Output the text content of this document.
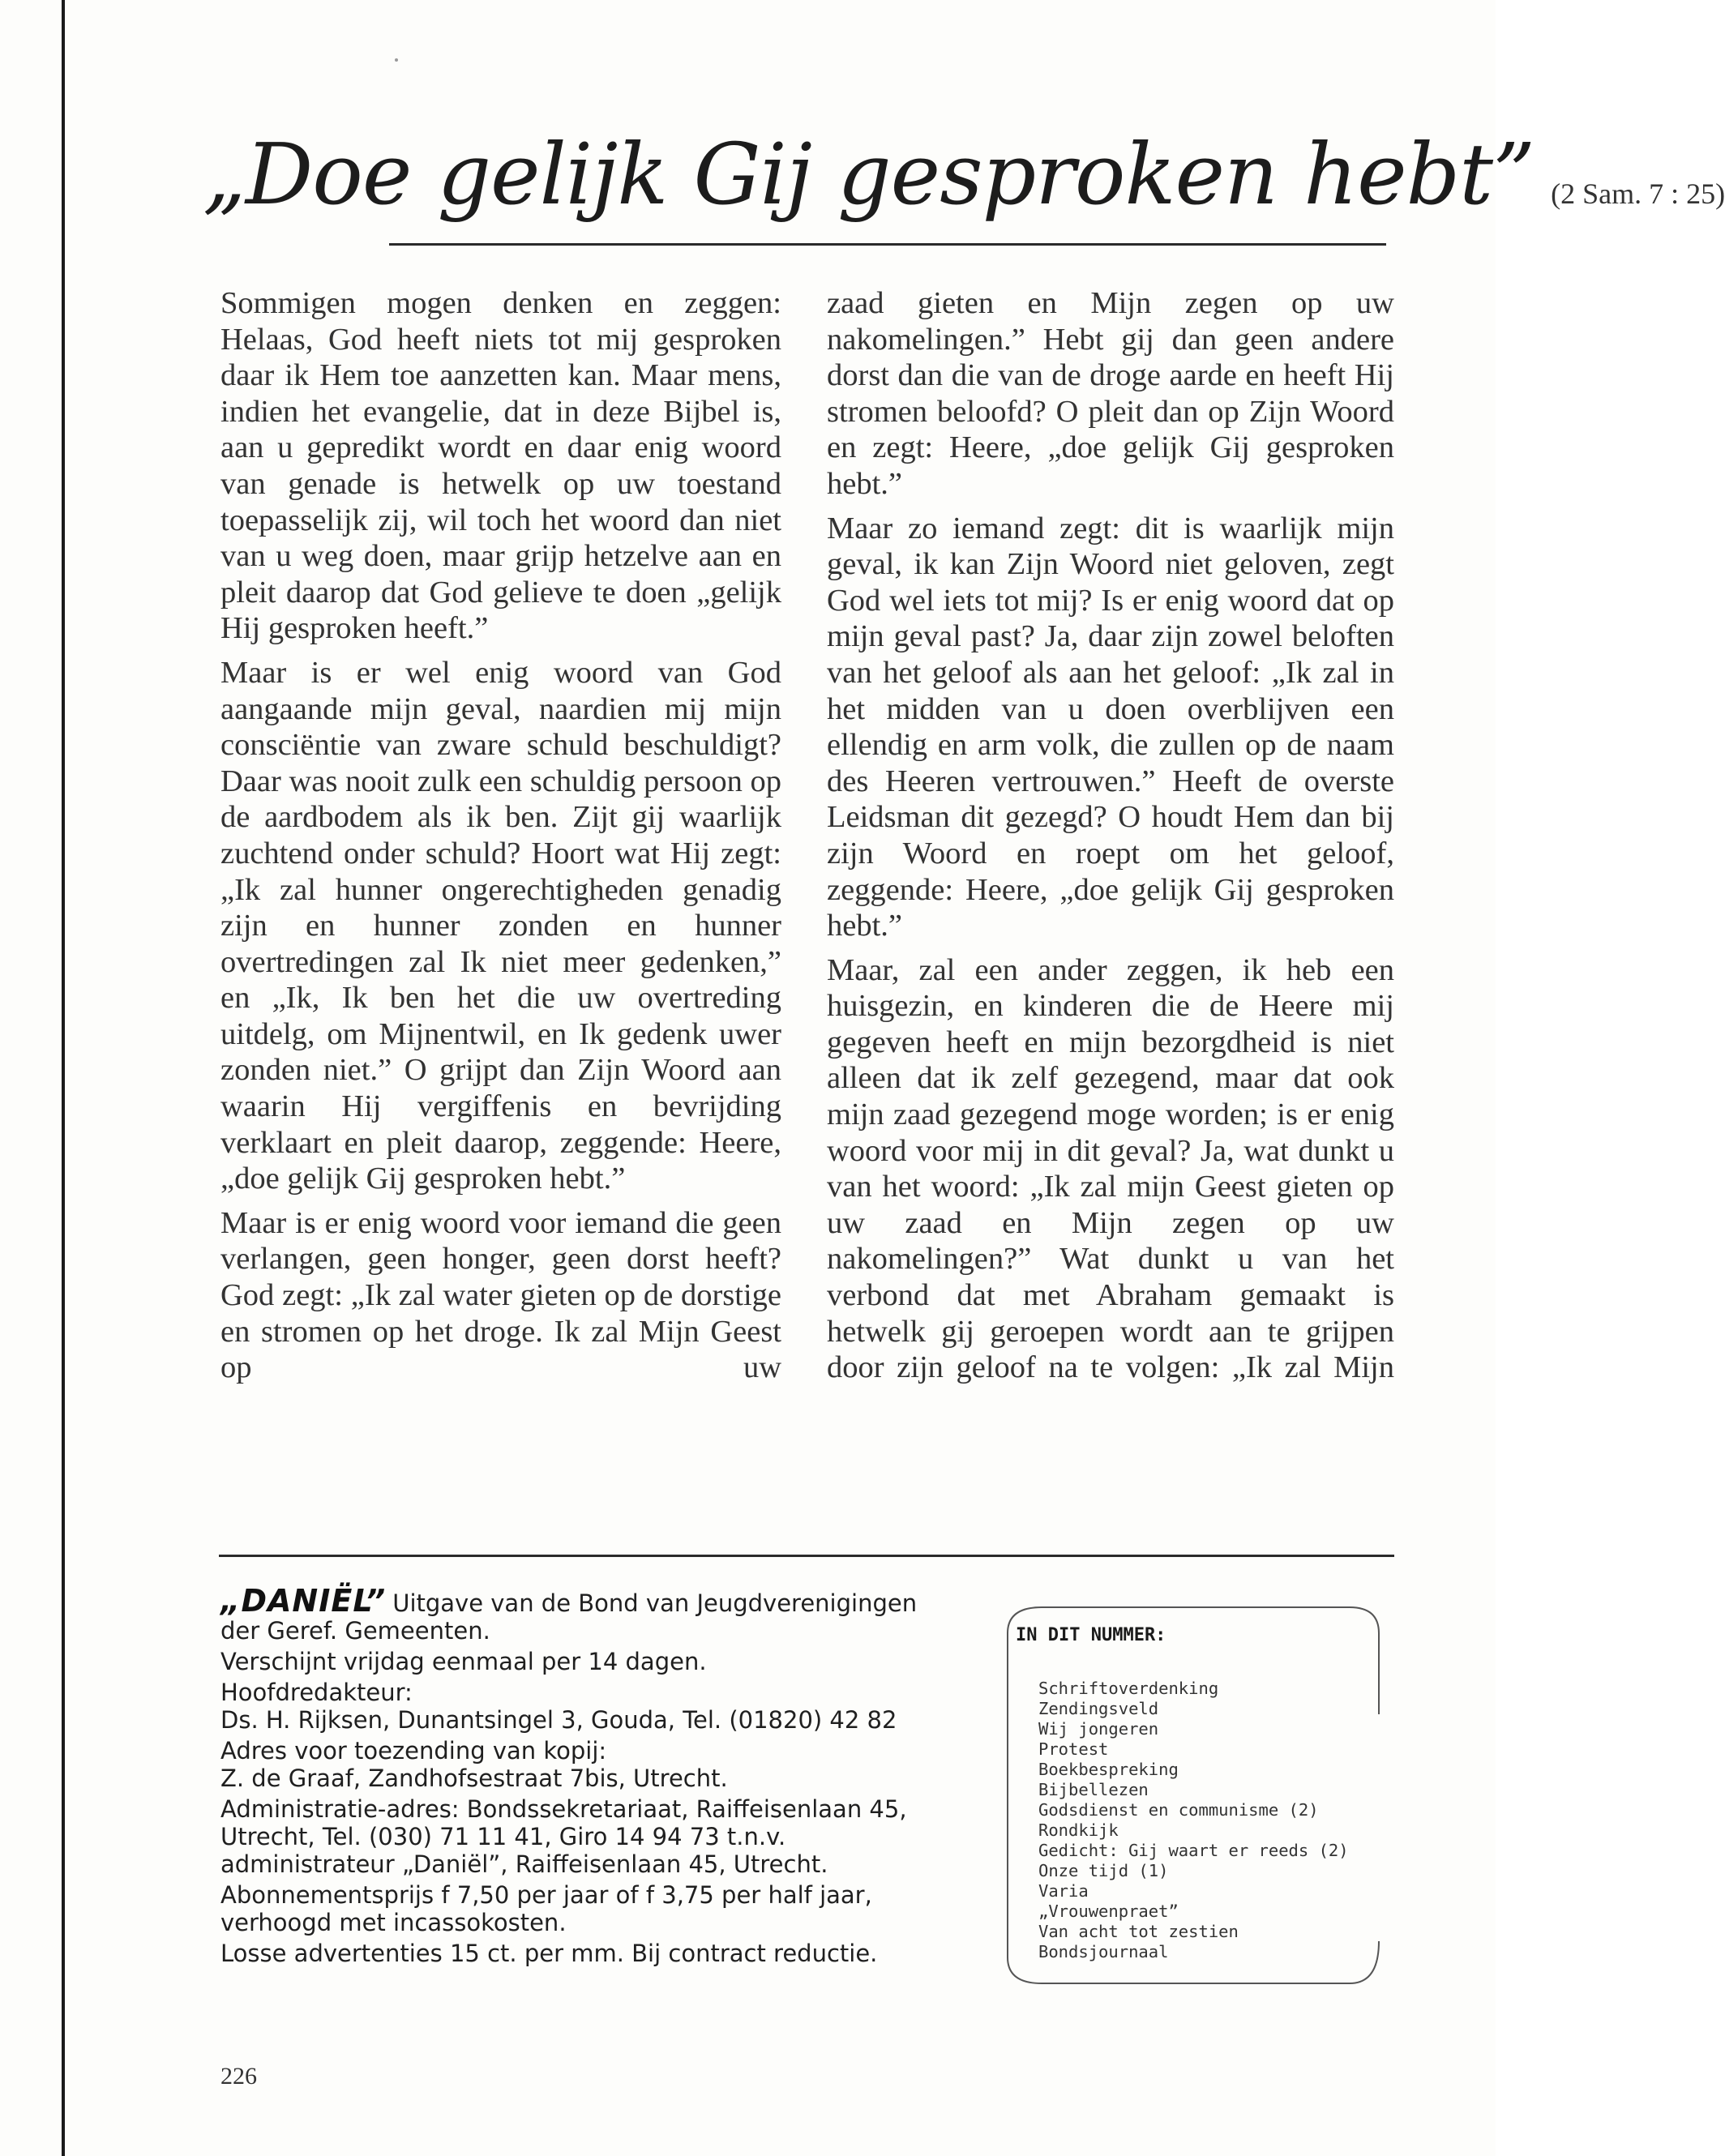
„Doe gelijk Gij gesproken hebt” (2 Sam. 7 : 25)

Sommigen mogen denken en zeggen: Helaas, God heeft niets tot mij gesproken daar ik Hem toe aanzetten kan. Maar mens, indien het evangelie, dat in deze Bijbel is, aan u gepredikt wordt en daar enig woord van genade is hetwelk op uw toestand toepasselijk zij, wil toch het woord dan niet van u weg doen, maar grijp hetzelve aan en pleit daarop dat God gelieve te doen „gelijk Hij gesproken heeft.”

Maar is er wel enig woord van God aangaande mijn geval, naardien mij mijn consciëntie van zware schuld beschuldigt? Daar was nooit zulk een schuldig persoon op de aardbodem als ik ben. Zijt gij waarlijk zuchtend onder schuld? Hoort wat Hij zegt: „Ik zal hunner ongerechtigheden genadig zijn en hunner zonden en hunner overtredingen zal Ik niet meer gedenken,” en „Ik, Ik ben het die uw overtreding uitdelg, om Mijnentwil, en Ik gedenk uwer zonden niet.” O grijpt dan Zijn Woord aan waarin Hij vergiffenis en bevrijding verklaart en pleit daarop, zeggende: Heere, „doe gelijk Gij gesproken hebt.”

Maar is er enig woord voor iemand die geen verlangen, geen honger, geen dorst heeft? God zegt: „Ik zal water gieten op de dorstige en stromen op het droge. Ik zal Mijn Geest op uw

zaad gieten en Mijn zegen op uw nakomelingen.” Hebt gij dan geen andere dorst dan die van de droge aarde en heeft Hij stromen beloofd? O pleit dan op Zijn Woord en zegt: Heere, „doe gelijk Gij gesproken hebt.”

Maar zo iemand zegt: dit is waarlijk mijn geval, ik kan Zijn Woord niet geloven, zegt God wel iets tot mij? Is er enig woord dat op mijn geval past? Ja, daar zijn zowel beloften van het geloof als aan het geloof: „Ik zal in het midden van u doen overblijven een ellendig en arm volk, die zullen op de naam des Heeren vertrouwen.” Heeft de overste Leidsman dit gezegd? O houdt Hem dan bij zijn Woord en roept om het geloof, zeggende: Heere, „doe gelijk Gij gesproken hebt.”

Maar, zal een ander zeggen, ik heb een huisgezin, en kinderen die de Heere mij gegeven heeft en mijn bezorgdheid is niet alleen dat ik zelf gezegend, maar dat ook mijn zaad gezegend moge worden; is er enig woord voor mij in dit geval? Ja, wat dunkt u van het woord: „Ik zal mijn Geest gieten op uw zaad en Mijn zegen op uw nakomelingen?” Wat dunkt u van het verbond dat met Abraham gemaakt is hetwelk gij geroepen wordt aan te grijpen door zijn geloof na te volgen: „Ik zal Mijn

„DANIËL” Uitgave van de Bond van Jeugdverenigingen der Geref. Gemeenten.

Verschijnt vrijdag eenmaal per 14 dagen.

Hoofdredakteur:

Ds. H. Rijksen, Dunantsingel 3, Gouda, Tel. (01820) 42 82

Adres voor toezending van kopij:

Z. de Graaf, Zandhofsestraat 7bis, Utrecht.

Administratie-adres: Bondssekretariaat, Raiffeisenlaan 45, Utrecht, Tel. (030) 71 11 41, Giro 14 94 73 t.n.v. administrateur „Daniël”, Raiffeisenlaan 45, Utrecht.

Abonnementsprijs f 7,50 per jaar of f 3,75 per half jaar, verhoogd met incassokosten.

Losse advertenties 15 ct. per mm. Bij contract reductie.

IN DIT NUMMER:
Schriftoverdenking
Zendingsveld
Wij jongeren
Protest
Boekbespreking
Bijbellezen
Godsdienst en communisme (2)
Rondkijk
Gedicht: Gij waart er reeds (2)
Onze tijd (1)
Varia
„Vrouwenpraet”
Van acht tot zestien
Bondsjournaal
226
